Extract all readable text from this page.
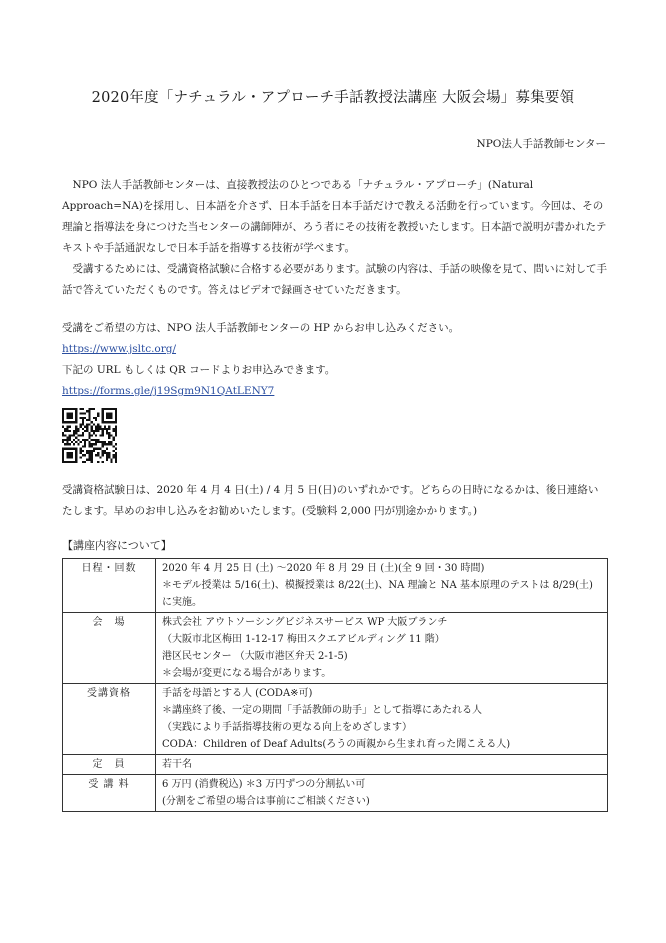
2020年度「ナチュラル・アプローチ手話教授法講座 大阪会場」募集要領
NPO法人手話教師センター

NPO 法人手話教師センターは、直接教授法のひとつである「ナチュラル・アプローチ」(Natural Approach=NA)を採用し、日本語を介さず、日本手話を日本手話だけで教える活動を行っています。今回は、その理論と指導法を身につけた当センターの講師陣が、ろう者にその技術を教授いたします。日本語で説明が書かれたテキストや手話通訳なしで日本手話を指導する技術が学べます。

受講するためには、受講資格試験に合格する必要があります。試験の内容は、手話の映像を見て、問いに対して手話で答えていただくものです。答えはビデオで録画させていただきます。

受講をご希望の方は、NPO 法人手話教師センターの HP からお申し込みください。
https://www.jsltc.org/
下記の URL もしくは QR コードよりお申込みできます。
https://forms.gle/j19Sgm9N1QAtLENY7
受講資格試験日は、2020 年 4 月 4 日(土) / 4 月 5 日(日)のいずれかです。どちらの日時になるかは、後日連絡いたします。早めのお申し込みをお勧めいたします。(受験料 2,000 円が別途かかります。)
【講座内容について】
日程・回数	2020 年 4 月 25 日 (土) ～2020 年 8 月 29 日 (土)(全 9 回・30 時間)
＊モデル授業は 5/16(土)、模擬授業は 8/22(土)、NA 理論と NA 基本原理のテストは 8/29(土)
に実施。

会　場	株式会社 アウトソーシングビジネスサービス WP 大阪ブランチ
（大阪市北区梅田 1-12-17 梅田スクエアビルディング 11 階）
港区民センター （大阪市港区弁天 2-1-5)
＊会場が変更になる場合があります。

受講資格	手話を母語とする人 (CODA※可)
＊講座終了後、一定の期間「手話教師の助手」として指導にあたれる人
（実践により手話指導技術の更なる向上をめざします）
CODA：Children of Deaf Adults(ろうの両親から生まれ育った聞こえる人)

定　員	若干名

受 講 料	6 万円 (消費税込) ＊3 万円ずつの分割払い可
(分割をご希望の場合は事前にご相談ください)
